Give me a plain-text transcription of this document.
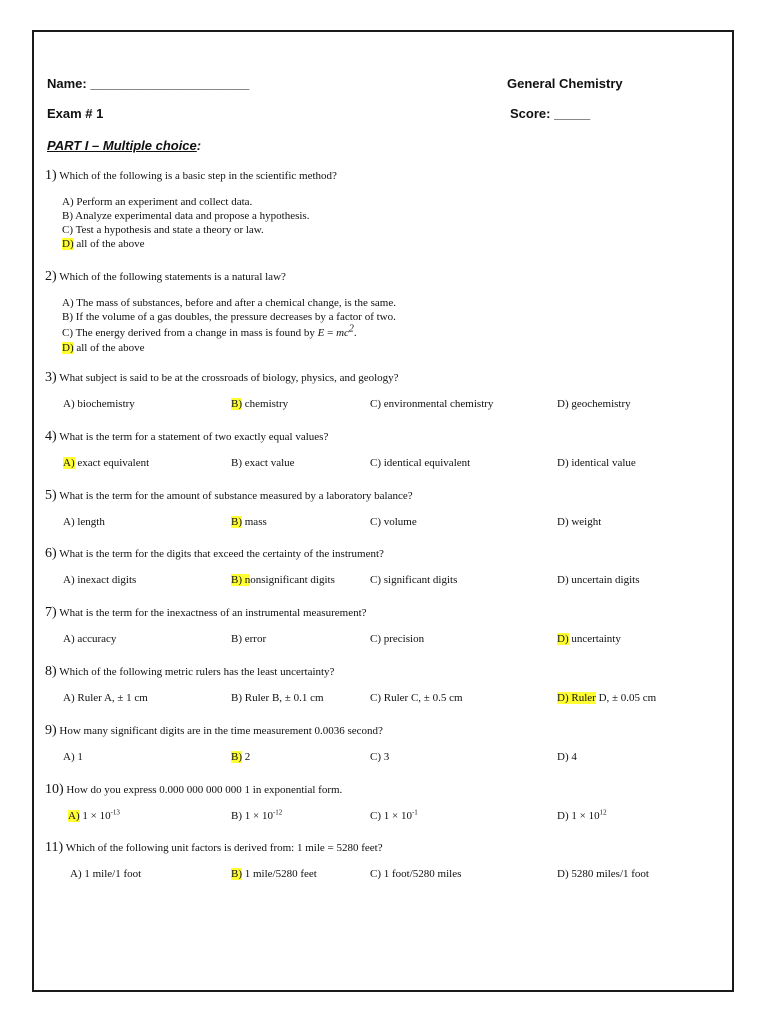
Name: ______________________	General Chemistry
Exam # 1	Score: _____
PART I – Multiple choice:
1) Which of the following is a basic step in the scientific method?
A) Perform an experiment and collect data.
B) Analyze experimental data and propose a hypothesis.
C) Test a hypothesis and state a theory or law.
D) all of the above
2) Which of the following statements is a natural law?
A) The mass of substances, before and after a chemical change, is the same.
B) If the volume of a gas doubles, the pressure decreases by a factor of two.
C) The energy derived from a change in mass is found by E = mc2.
D) all of the above
3) What subject is said to be at the crossroads of biology, physics, and geology?
A) biochemistry	B) chemistry	C) environmental chemistry	D) geochemistry
4) What is the term for a statement of two exactly equal values?
A) exact equivalent	B) exact value	C) identical equivalent	D) identical value
5) What is the term for the amount of substance measured by a laboratory balance?
A) length	B) mass	C) volume	D) weight
6) What is the term for the digits that exceed the certainty of the instrument?
A) inexact digits	B) nonsignificant digits	C) significant digits	D) uncertain digits
7) What is the term for the inexactness of an instrumental measurement?
A) accuracy	B) error	C) precision	D) uncertainty
8) Which of the following metric rulers has the least uncertainty?
A) Ruler A, ± 1 cm	B) Ruler B, ± 0.1 cm	C) Ruler C, ± 0.5 cm	D) Ruler D, ± 0.05 cm
9) How many significant digits are in the time measurement 0.0036 second?
A) 1	B) 2	C) 3	D) 4
10) How do you express 0.000 000 000 000 1 in exponential form.
A) $1 \times 10^{-13}$	B) $1 \times 10^{-12}$	C) $1 \times 10^{-1}$	D) $1 \times 10^{12}$
11) Which of the following unit factors is derived from: 1 mile = 5280 feet?
A) 1 mile/1 foot	B) 1 mile/5280 feet	C) 1 foot/5280 miles	D) 5280 miles/1 foot
